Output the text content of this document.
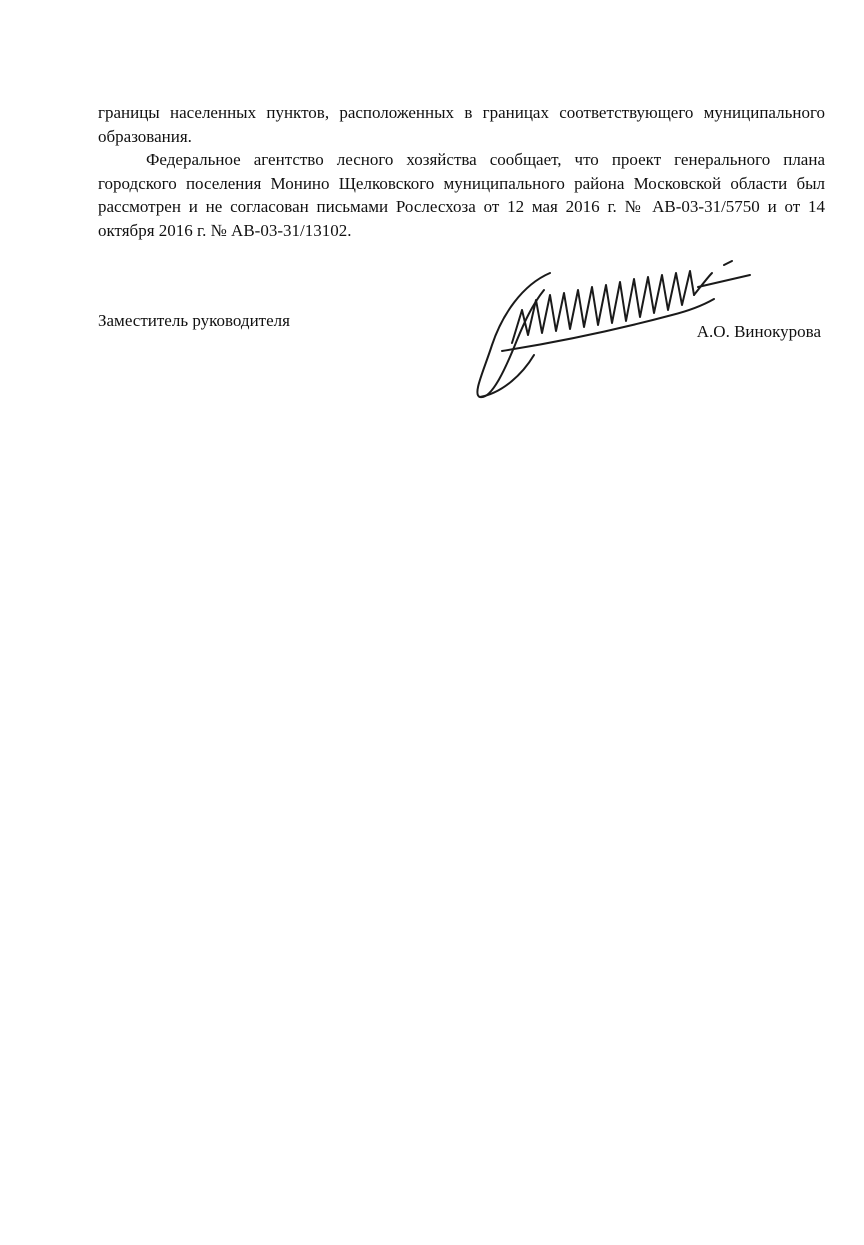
границы населенных пунктов, расположенных в границах соответствующего муниципального образования.

Федеральное агентство лесного хозяйства сообщает, что проект генерального плана городского поселения Монино Щелковского муниципального района Московской области был рассмотрен и не согласован письмами Рослесхоза от 12 мая 2016 г. № АВ-03-31/5750 и от 14 октября 2016 г. № АВ-03-31/13102.

Заместитель руководителя
А.О. Винокурова
